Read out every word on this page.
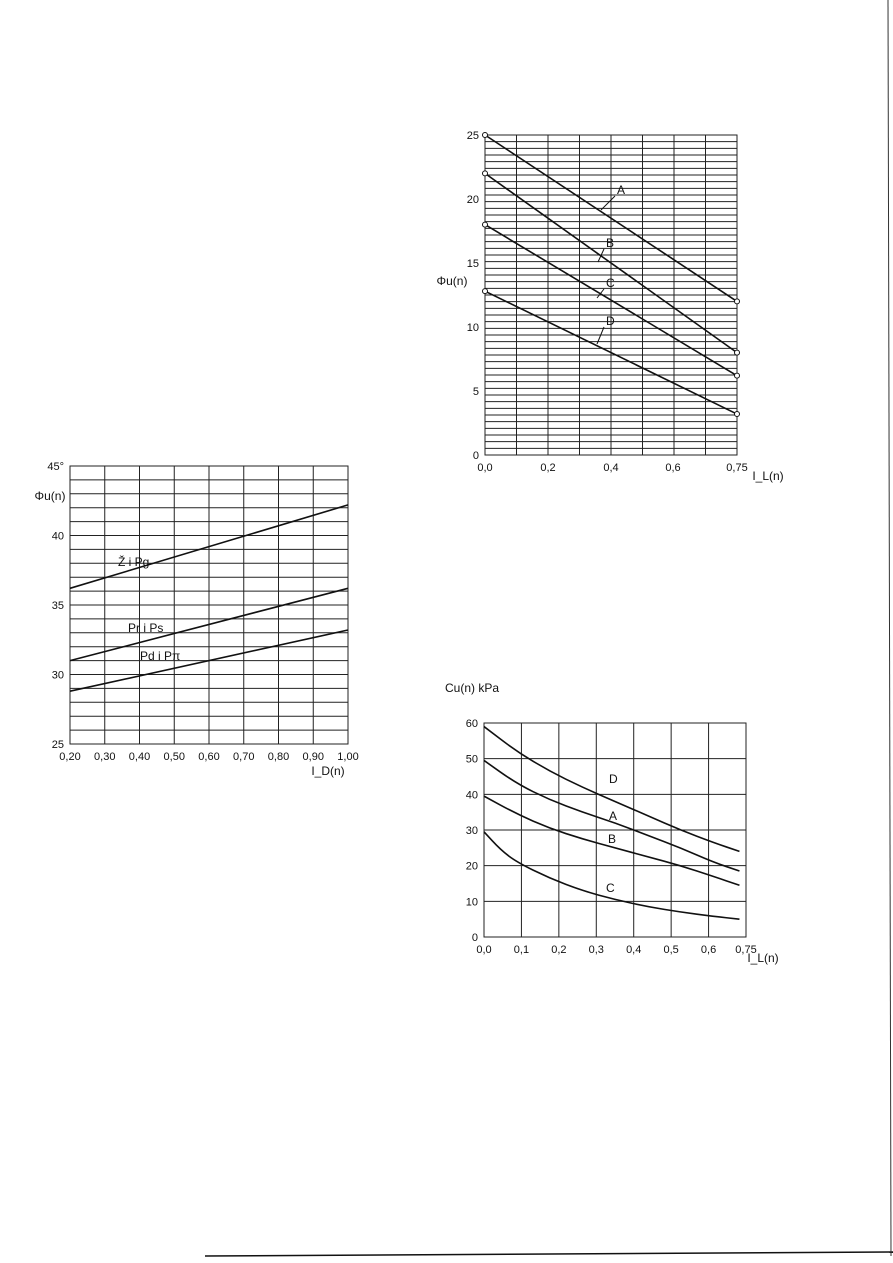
0
5
10
15
20
25
0,0	0,2	0,4	0,6	0,75
Φu(n)
I_L(n)
A
B
C
D
25
30
35
40
45°
0,20 0,30 0,40 0,50 0,60 0,70 0,80 0,90 1,00
Φu(n)
I_D(n)
Ž i Pg
Pr i Ps
Pd i Pπ
0
10
20
30
40
50
60
0,0 0,1 0,2 0,3 0,4 0,5 0,6 0,75
Cu(n) kPa
I_L(n)
D
A
B
C
